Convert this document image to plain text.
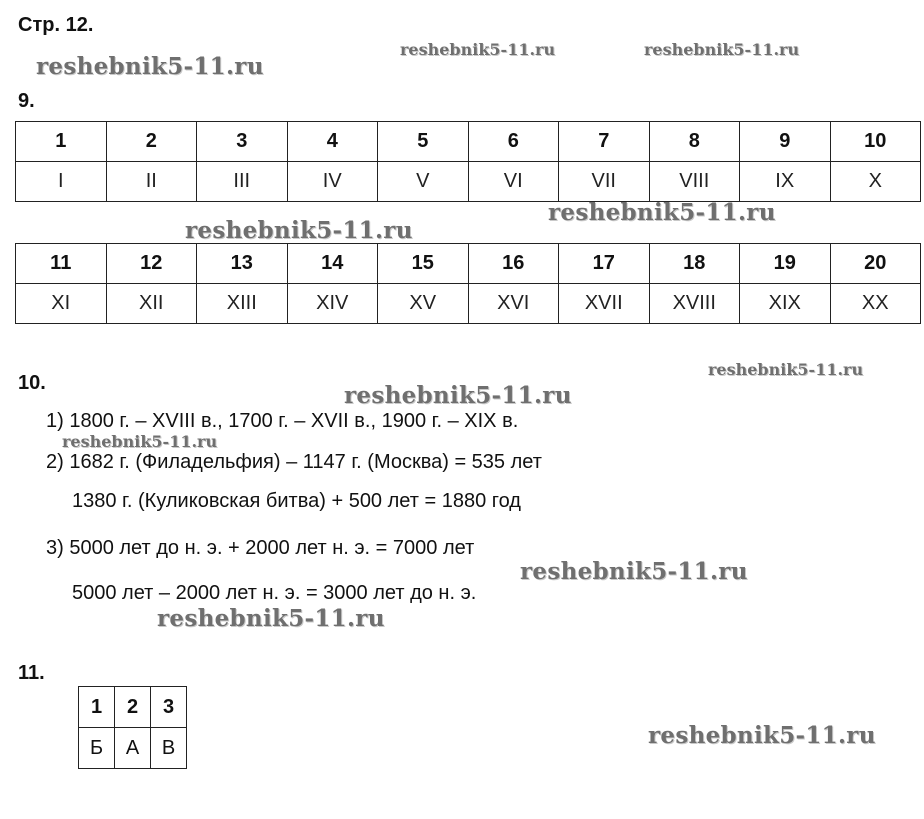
Стр. 12.
9.
1	2	3	4	5	6	7	8	9	10
I	II	III	IV	V	VI	VII	VIII	IX	X
11	12	13	14	15	16	17	18	19	20
XI	XII	XIII	XIV	XV	XVI	XVII	XVIII	XIX	XX
10.
1) 1800 г. – XVIII в., 1700 г. – XVII в., 1900 г. – XIX в.
2) 1682 г. (Филадельфия) – 1147 г. (Москва) = 535 лет
1380 г. (Куликовская битва) + 500 лет = 1880 год
3) 5000 лет до н. э. + 2000 лет н. э. = 7000 лет
5000 лет – 2000 лет н. э. = 3000 лет до н. э.
11.
1	2	3
Б	А	В
reshebnik5-11.ru
reshebnik5-11.ru	reshebnik5-11.ru
reshebnik5-11.ru
reshebnik5-11.ru
reshebnik5-11.ru
reshebnik5-11.ru
reshebnik5-11.ru
reshebnik5-11.ru
reshebnik5-11.ru
reshebnik5-11.ru
